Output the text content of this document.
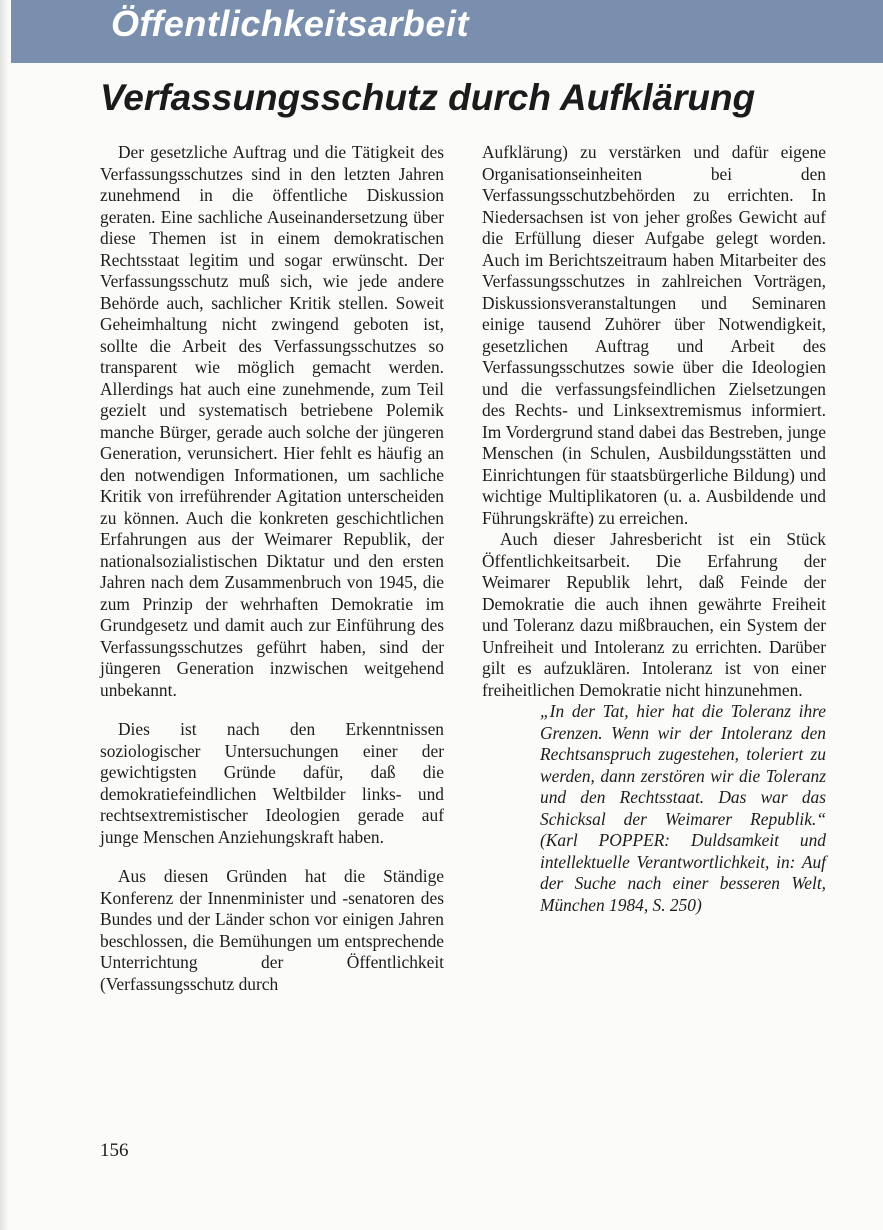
Öffentlichkeitsarbeit
Verfassungsschutz durch Aufklärung

Der gesetzliche Auftrag und die Tätigkeit des Verfassungsschutzes sind in den letzten Jahren zunehmend in die öffentliche Diskussion geraten. Eine sachliche Auseinandersetzung über diese Themen ist in einem demokratischen Rechtsstaat legitim und sogar erwünscht. Der Verfassungsschutz muß sich, wie jede andere Behörde auch, sachlicher Kritik stellen. Soweit Geheimhaltung nicht zwingend geboten ist, sollte die Arbeit des Verfassungsschutzes so transparent wie möglich gemacht werden. Allerdings hat auch eine zunehmende, zum Teil gezielt und systematisch betriebene Polemik manche Bürger, gerade auch solche der jüngeren Generation, verunsichert. Hier fehlt es häufig an den notwendigen Informationen, um sachliche Kritik von irreführender Agitation unterscheiden zu können. Auch die konkreten geschichtlichen Erfahrungen aus der Weimarer Republik, der nationalsozialistischen Diktatur und den ersten Jahren nach dem Zusammenbruch von 1945, die zum Prinzip der wehrhaften Demokratie im Grundgesetz und damit auch zur Einführung des Verfassungsschutzes geführt haben, sind der jüngeren Generation inzwischen weitgehend unbekannt.

Dies ist nach den Erkenntnissen soziologischer Untersuchungen einer der gewichtigsten Gründe dafür, daß die demokratiefeindlichen Weltbilder links- und rechtsextremistischer Ideologien gerade auf junge Menschen Anziehungskraft haben.

Aus diesen Gründen hat die Ständige Konferenz der Innenminister und -senatoren des Bundes und der Länder schon vor einigen Jahren beschlossen, die Bemühungen um entsprechende Unterrichtung der Öffentlichkeit (Verfassungsschutz durch

Aufklärung) zu verstärken und dafür eigene Organisationseinheiten bei den Verfassungsschutzbehörden zu errichten. In Niedersachsen ist von jeher großes Gewicht auf die Erfüllung dieser Aufgabe gelegt worden. Auch im Berichtszeitraum haben Mitarbeiter des Verfassungsschutzes in zahlreichen Vorträgen, Diskussionsveranstaltungen und Seminaren einige tausend Zuhörer über Notwendigkeit, gesetzlichen Auftrag und Arbeit des Verfassungsschutzes sowie über die Ideologien und die verfassungsfeindlichen Zielsetzungen des Rechts- und Linksextremismus informiert. Im Vordergrund stand dabei das Bestreben, junge Menschen (in Schulen, Ausbildungsstätten und Einrichtungen für staatsbürgerliche Bildung) und wichtige Multiplikatoren (u. a. Ausbildende und Führungskräfte) zu erreichen.

Auch dieser Jahresbericht ist ein Stück Öffentlichkeitsarbeit. Die Erfahrung der Weimarer Republik lehrt, daß Feinde der Demokratie die auch ihnen gewährte Freiheit und Toleranz dazu mißbrauchen, ein System der Unfreiheit und Intoleranz zu errichten. Darüber gilt es aufzuklären. Intoleranz ist von einer freiheitlichen Demokratie nicht hinzunehmen.

„In der Tat, hier hat die Toleranz ihre Grenzen. Wenn wir der Intoleranz den Rechtsanspruch zugestehen, toleriert zu werden, dann zerstören wir die Toleranz und den Rechtsstaat. Das war das Schicksal der Weimarer Republik.“ (Karl POPPER: Duldsamkeit und intellektuelle Verantwortlichkeit, in: Auf der Suche nach einer besseren Welt, München 1984, S. 250)

156
